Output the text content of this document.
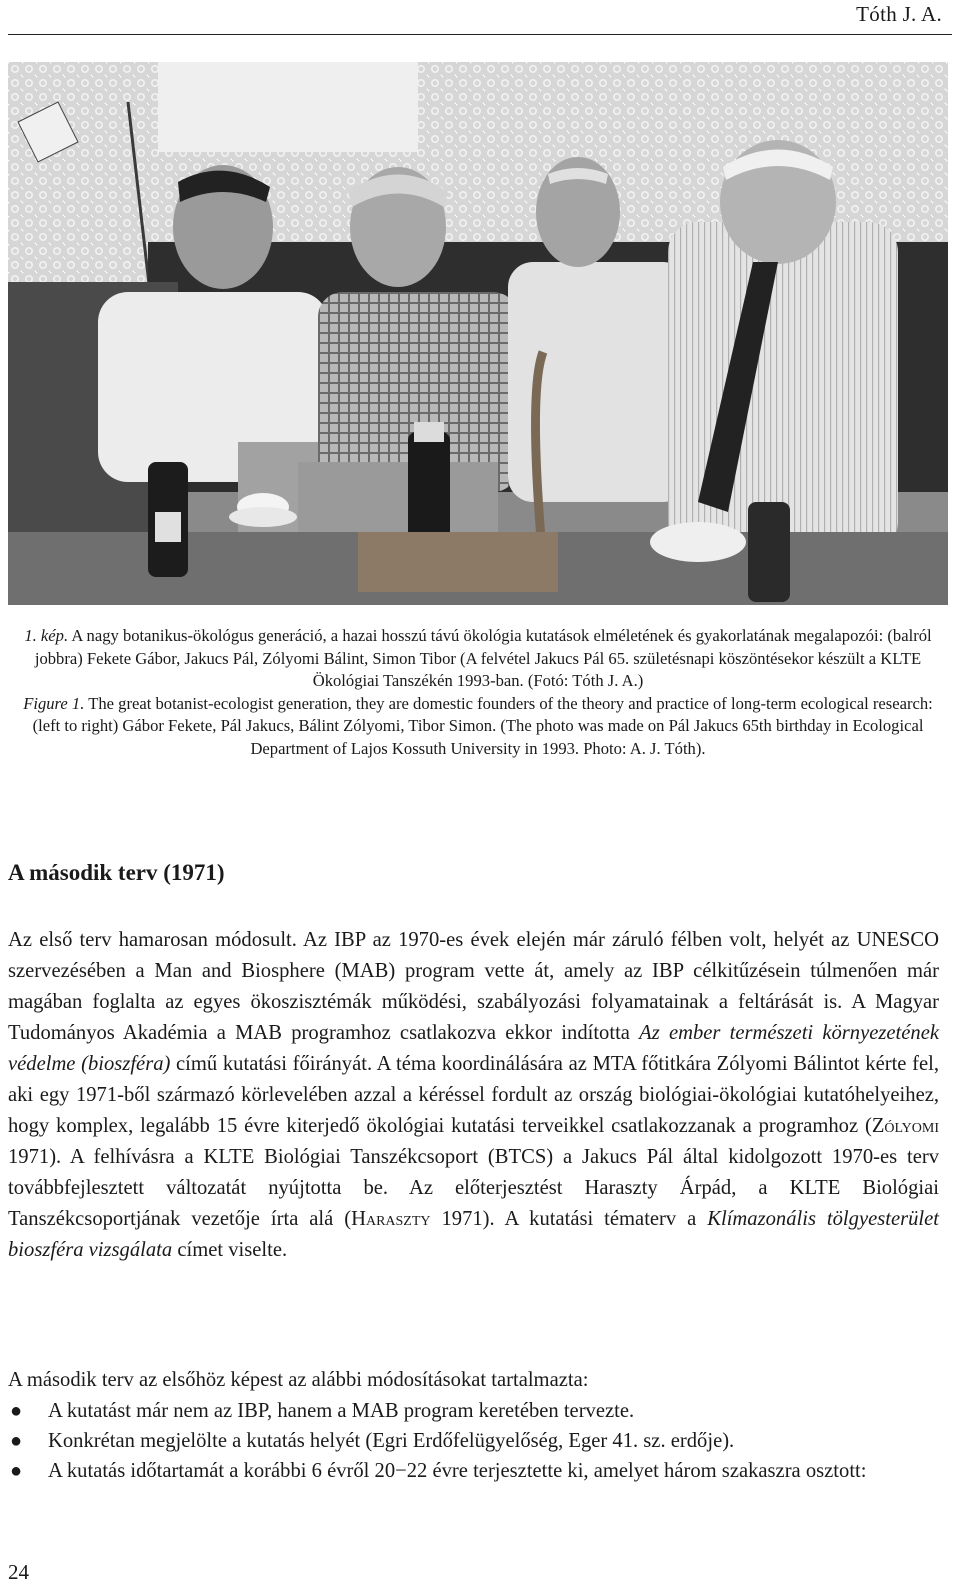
Tóth J. A.

1. kép. A nagy botanikus-ökológus generáció, a hazai hosszú távú ökológia kutatások elméletének és gyakorlatának megalapozói: (balról jobbra) Fekete Gábor, Jakucs Pál, Zólyomi Bálint, Simon Tibor (A felvétel Jakucs Pál 65. születésnapi köszöntésekor készült a KLTE Ökológiai Tanszékén 1993-ban. (Fotó: Tóth J. A.)

Figure 1. The great botanist-ecologist generation, they are domestic founders of the theory and practice of long-term ecological research: (left to right) Gábor Fekete, Pál Jakucs, Bálint Zólyomi, Tibor Simon. (The photo was made on Pál Jakucs 65th birthday in Ecological Department of Lajos Kossuth University in 1993. Photo: A. J. Tóth).

A második terv (1971)

Az első terv hamarosan módosult. Az IBP az 1970-es évek elején már záruló félben volt, helyét az UNESCO szervezésében a Man and Biosphere (MAB) program vette át, amely az IBP célkitűzésein túlmenően már magában foglalta az egyes ökoszisztémák működési, szabályozási folyamatainak a feltárását is. A Magyar Tudományos Akadémia a MAB programhoz csatlakozva ekkor indította Az ember természeti környezetének védelme (bioszféra) című kutatási főirányát. A téma koordinálására az MTA főtitkára Zólyomi Bálintot kérte fel, aki egy 1971-ből származó körlevelében azzal a kéréssel fordult az ország biológiai-ökológiai kutatóhelyeihez, hogy komplex, legalább 15 évre kiterjedő ökológiai kutatási terveikkel csatlakozzanak a programhoz (Zólyomi 1971). A felhívásra a KLTE Biológiai Tanszékcsoport (BTCS) a Jakucs Pál által kidolgozott 1970-es terv továbbfejlesztett változatát nyújtotta be. Az előterjesztést Haraszty Árpád, a KLTE Biológiai Tanszékcsoportjának vezetője írta alá (Haraszty 1971). A kutatási tématerv a Klímazonális tölgyesterület bioszféra vizsgálata címet viselte.

A második terv az elsőhöz képest az alábbi módosításokat tartalmazta:

● A kutatást már nem az IBP, hanem a MAB program keretében tervezte.
● Konkrétan megjelölte a kutatás helyét (Egri Erdőfelügyelőség, Eger 41. sz. erdője).
● A kutatás időtartamát a korábbi 6 évről 20−22 évre terjesztette ki, amelyet három szakaszra osztott:
24
